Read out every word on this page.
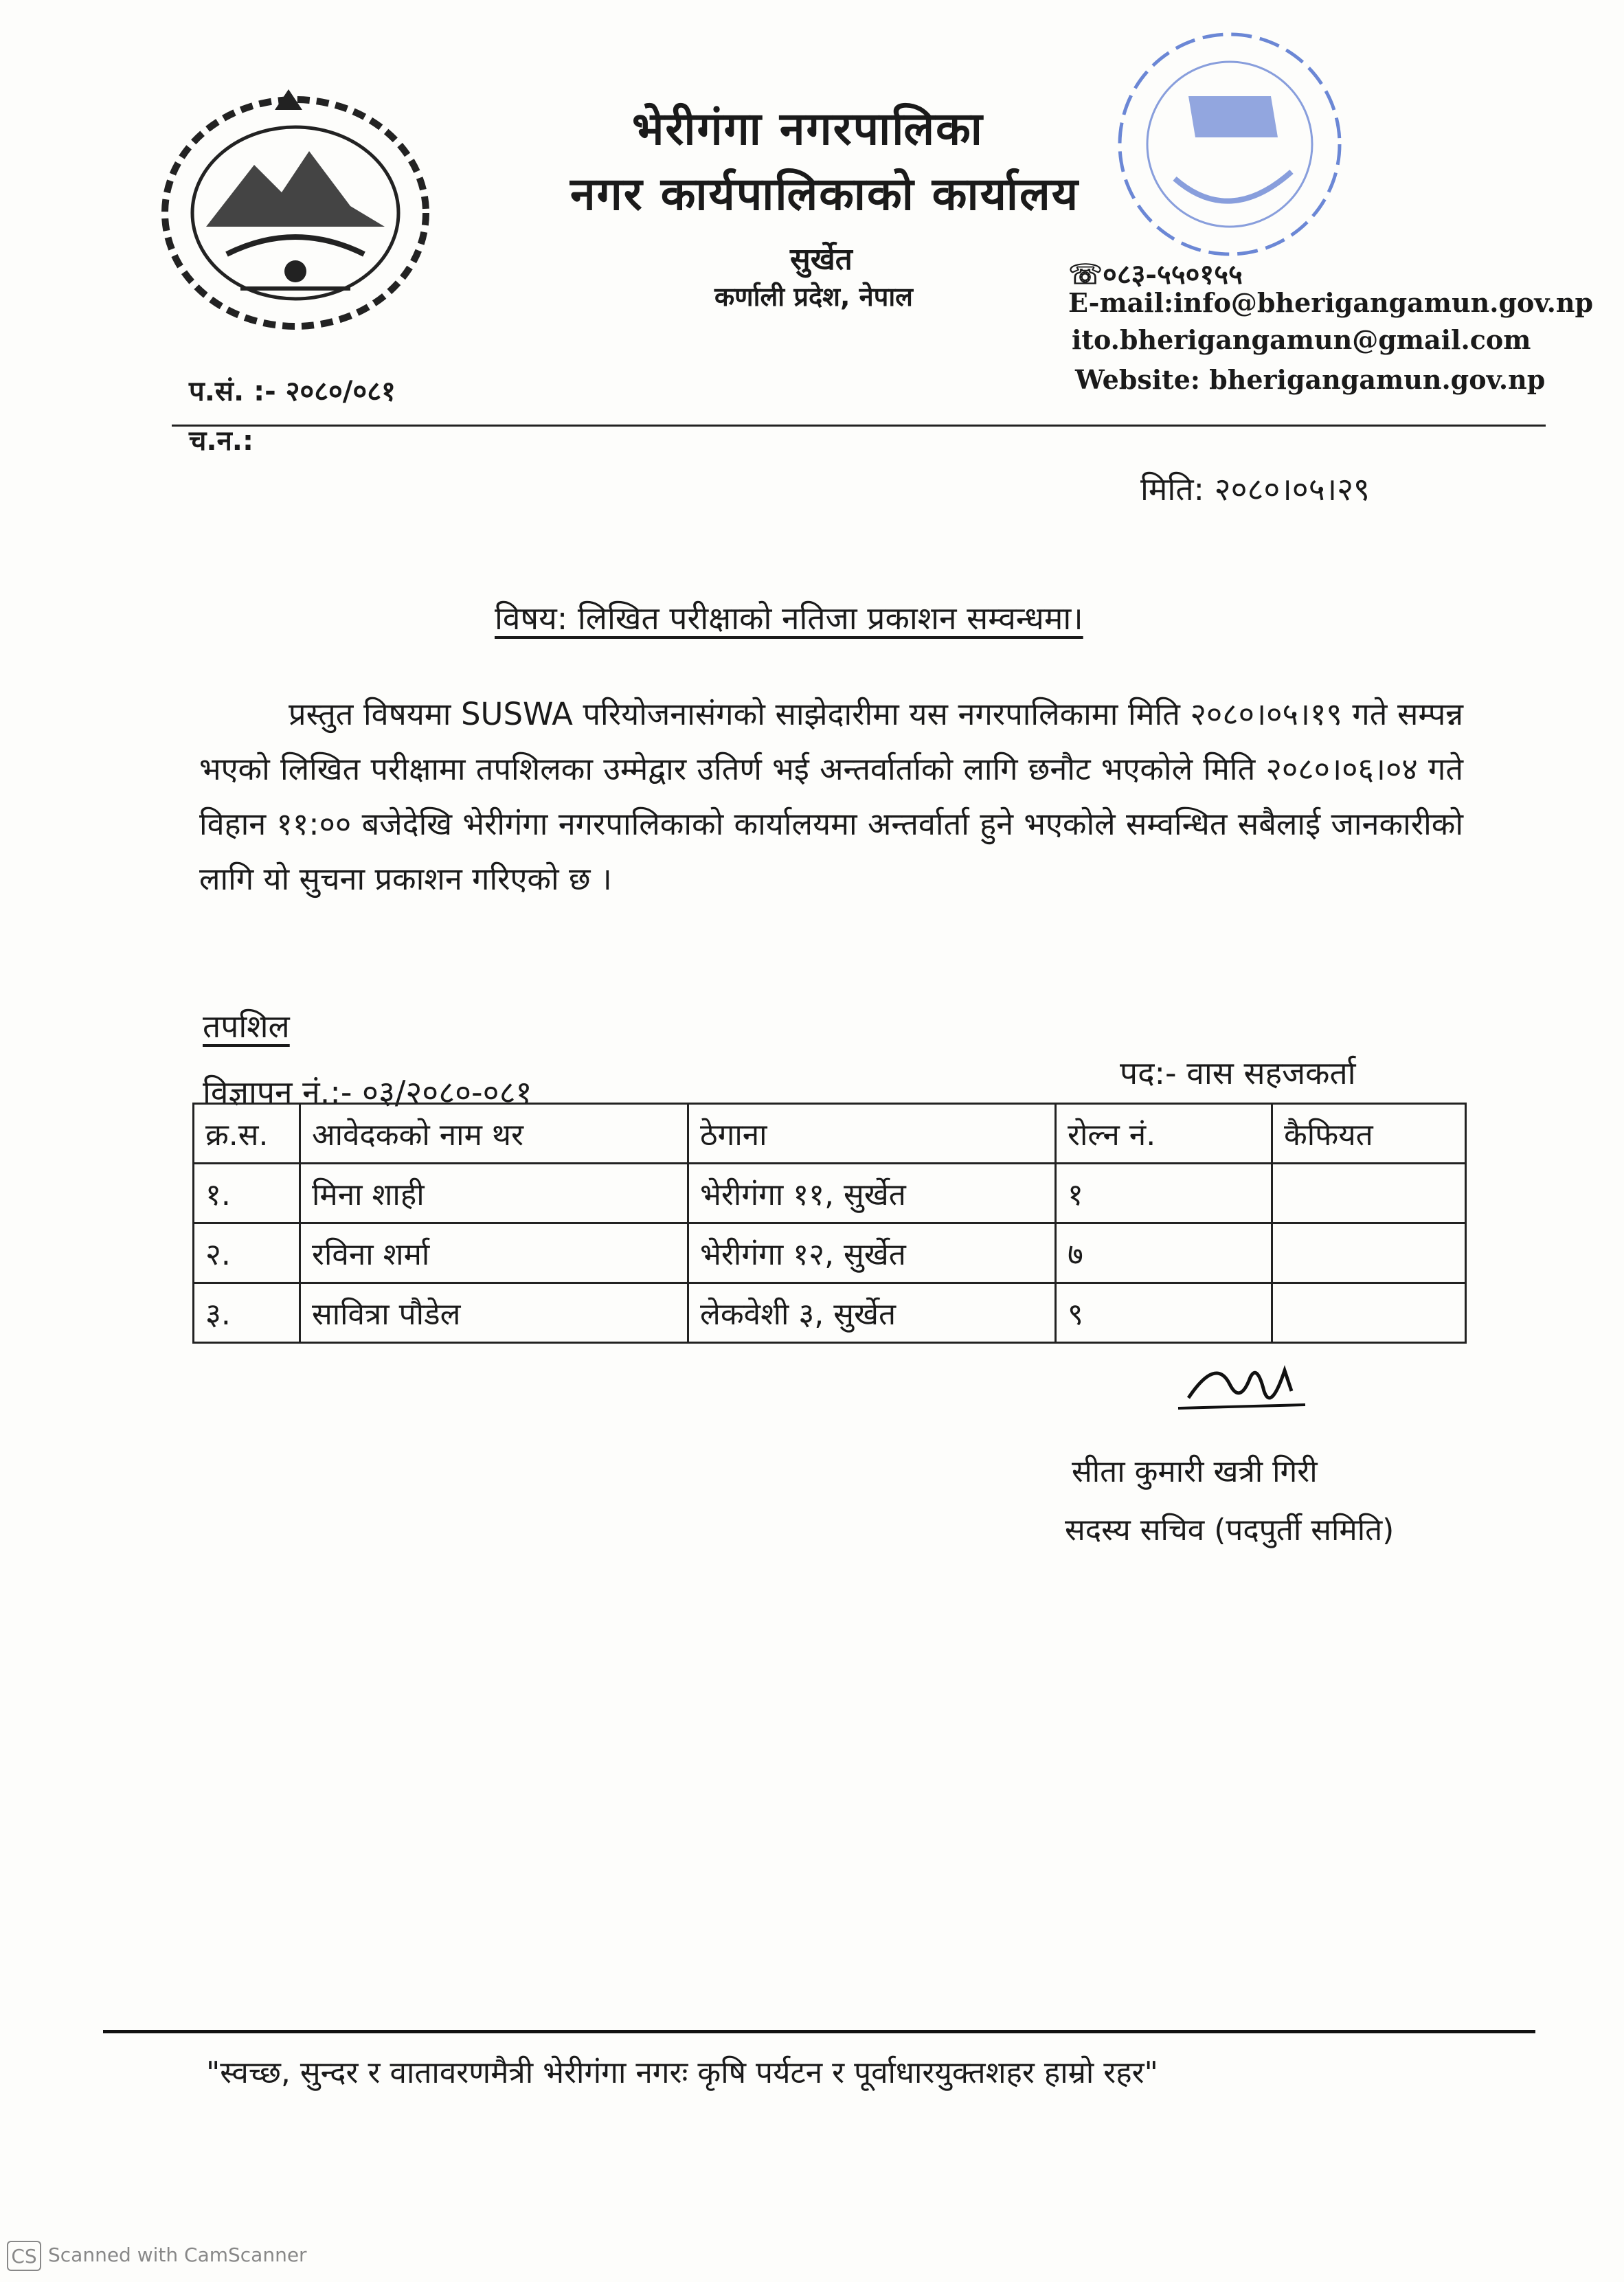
भेरीगंगा नगरपालिका
नगर कार्यपालिकाको कार्यालय
सुर्खेत
कर्णाली प्रदेश, नेपाल
☏०८३-५५०१५५
E-mail:info@bherigangamun.gov.np
ito.bherigangamun@gmail.com
Website: bherigangamun.gov.np
प.सं. :- २०८०/०८१
च.न.:
मिति: २०८०।०५।२९
विषय: लिखित परीक्षाको नतिजा प्रकाशन सम्वन्धमा।
प्रस्तुत विषयमा SUSWA परियोजनासंगको साझेदारीमा यस नगरपालिकामा मिति २०८०।०५।१९ गते सम्पन्न भएको लिखित परीक्षामा तपशिलका उम्मेद्वार उतिर्ण भई अन्तर्वार्ताको लागि छनौट भएकोले मिति २०८०।०६।०४ गते विहान ११:०० बजेदेखि भेरीगंगा नगरपालिकाको कार्यालयमा अन्तर्वार्ता हुने भएकोले सम्वन्धित सबैलाई जानकारीको लागि यो सुचना प्रकाशन गरिएको छ ।
तपशिल
विज्ञापन नं.:- ०३/२०८०-०८१
पद:- वास सहजकर्ता
क्र.स.	आवेदकको नाम थर	ठेगाना	रोल्न नं.	कैफियत
१.	मिना शाही	भेरीगंगा ११, सुर्खेत	१	
२.	रविना शर्मा	भेरीगंगा १२, सुर्खेत	७	
३.	सावित्रा पौडेल	लेकवेशी ३, सुर्खेत	९	
सीता कुमारी खत्री गिरी
सदस्य सचिव (पदपुर्ती समिति)
"स्वच्छ, सुन्दर र वातावरणमैत्री भेरीगंगा नगरः कृषि पर्यटन र पूर्वाधारयुक्तशहर हाम्रो रहर"
CS Scanned with CamScanner
